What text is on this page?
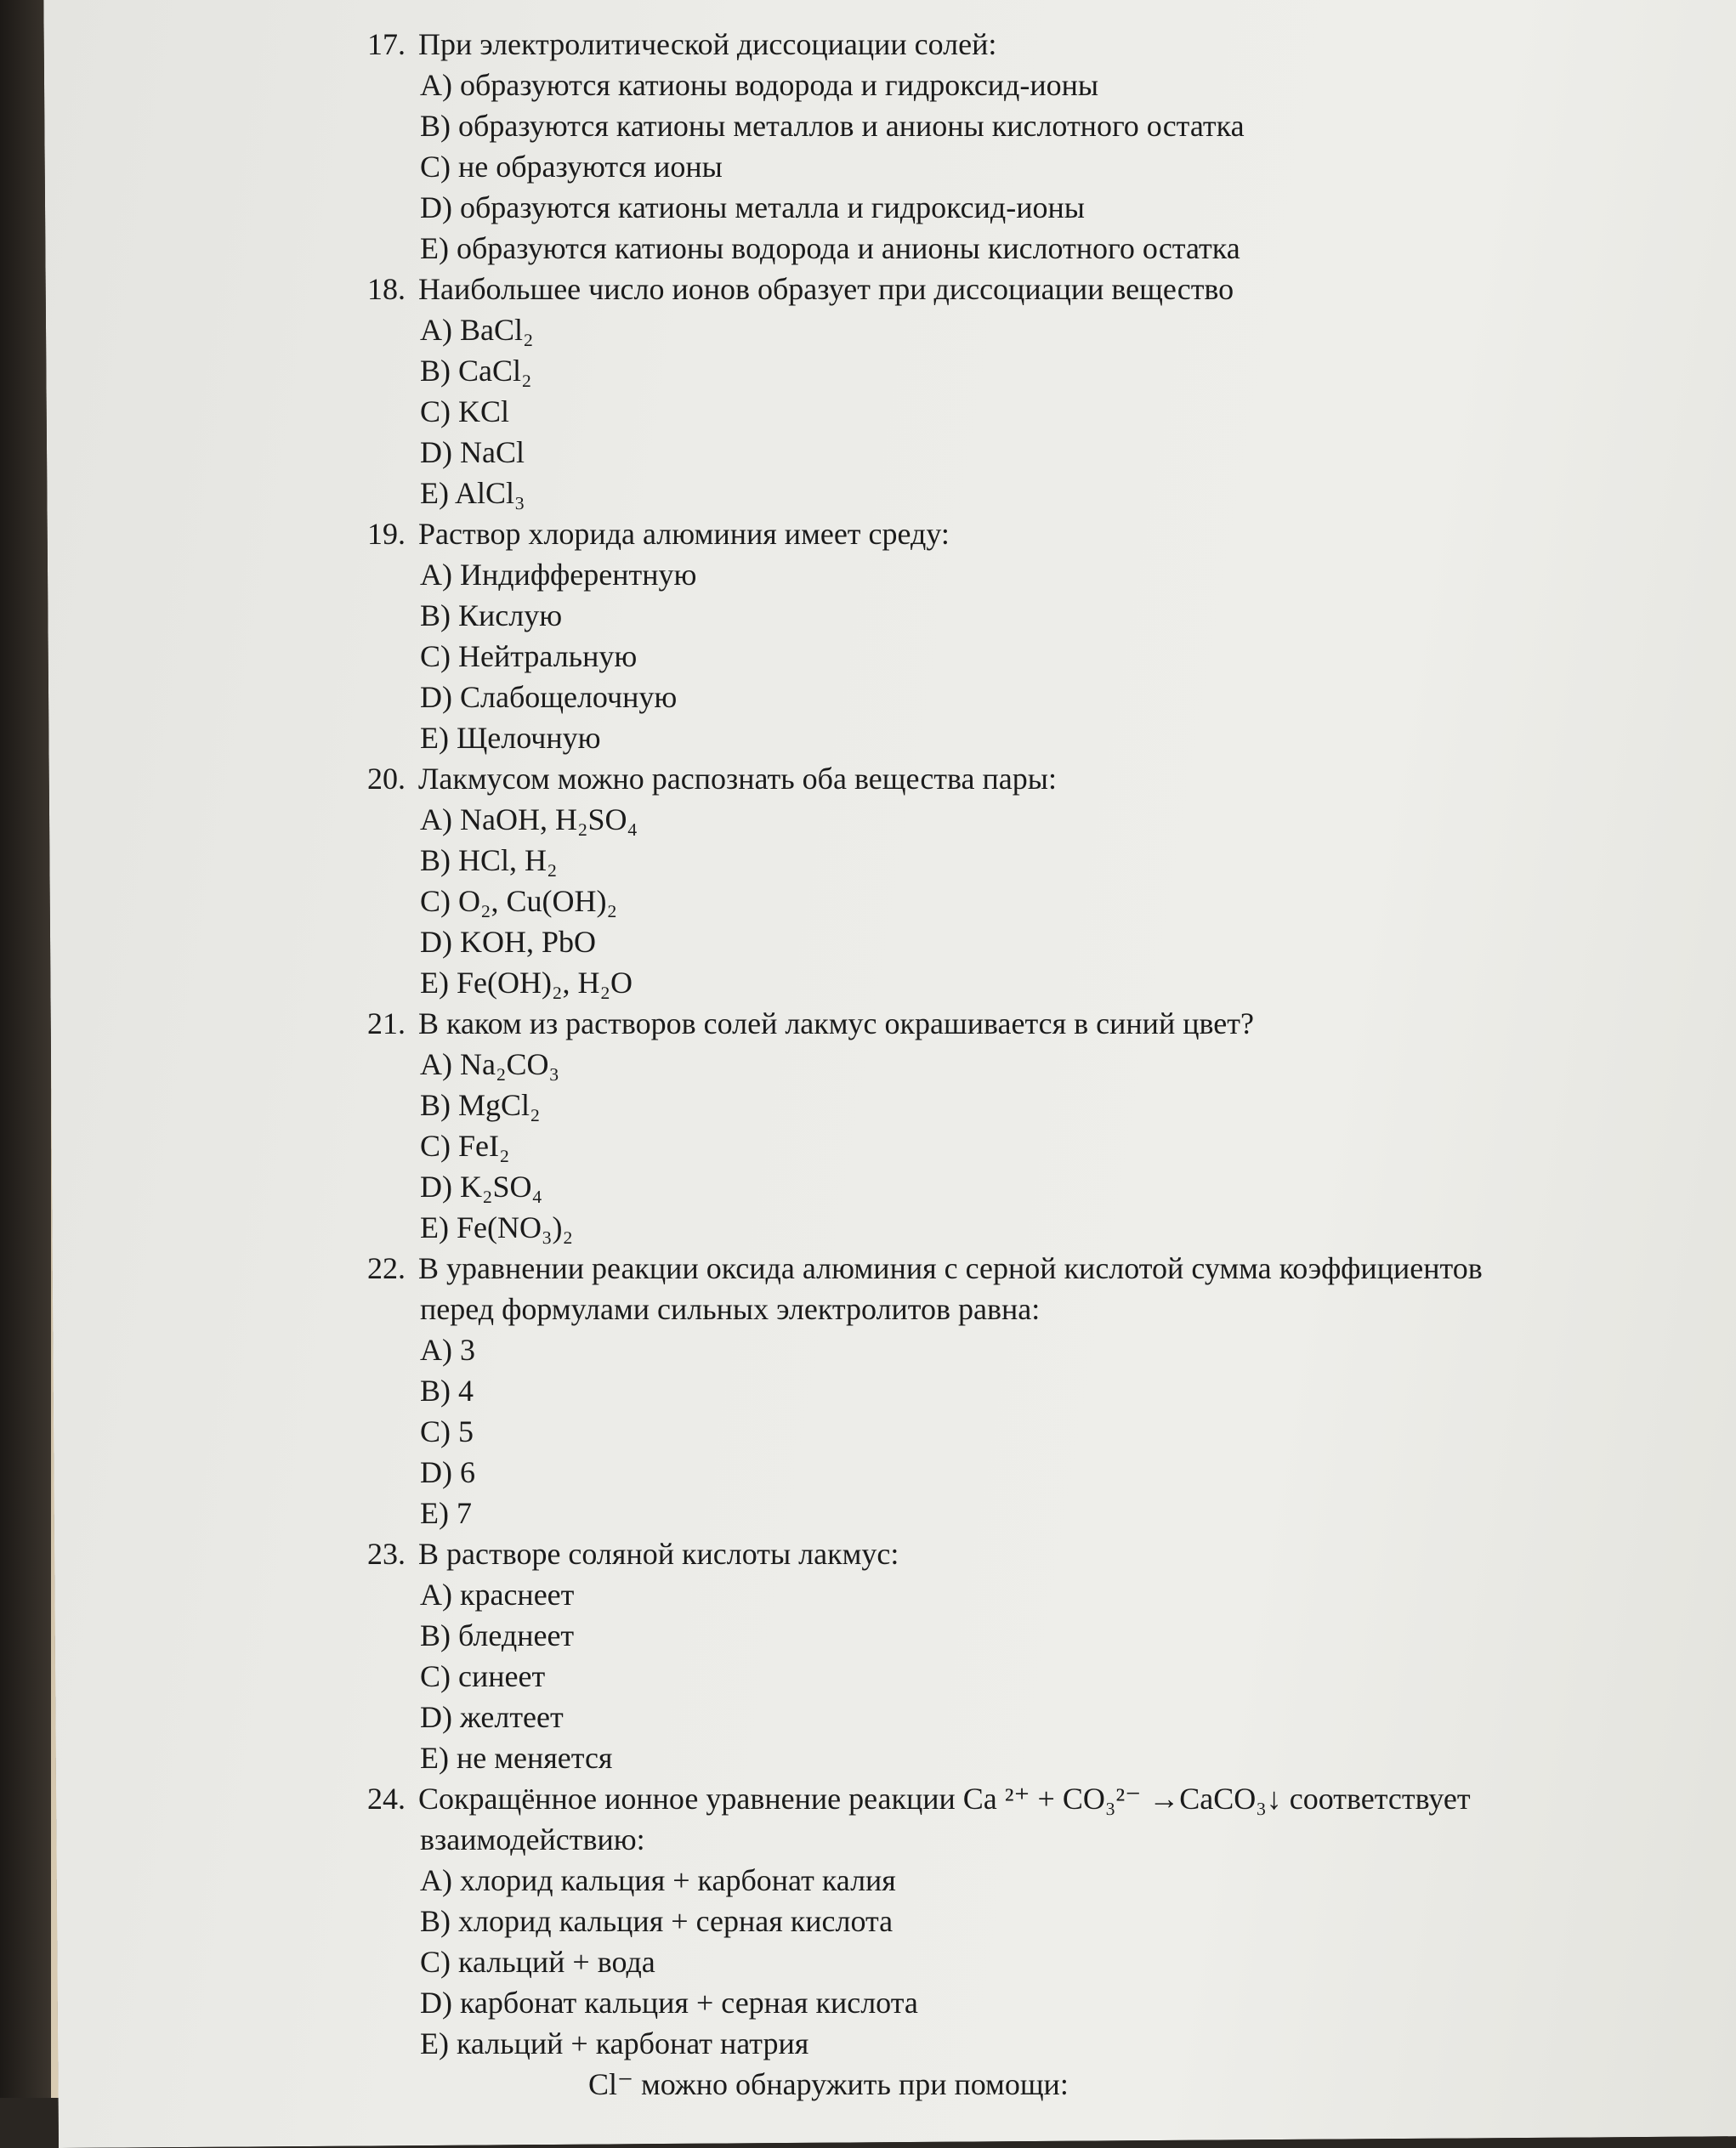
17. При электролитической диссоциации солей:

A) образуются катионы водорода и гидроксид-ионы

B) образуются катионы металлов и анионы кислотного остатка

C) не образуются ионы

D) образуются катионы металла и гидроксид-ионы

E) образуются катионы водорода и анионы кислотного остатка

18. Наибольшее число ионов образует при диссоциации вещество

A) BaCl₂

B) CaCl₂

C) KCl

D) NaCl

E) AlCl₃

19. Раствор хлорида алюминия имеет среду:

A) Индифферентную

B) Кислую

C) Нейтральную

D) Слабощелочную

E) Щелочную

20. Лакмусом можно распознать оба вещества пары:

A) NaOH, H₂SO₄

B) HCl, H₂

C) O₂, Cu(OH)₂

D) KOH, PbO

E) Fe(OH)₂, H₂O

21. В каком из растворов солей лакмус окрашивается в синий цвет?

A) Na₂CO₃

B) MgCl₂

C) FeI₂

D) K₂SO₄

E) Fe(NO₃)₂

22. В уравнении реакции оксида алюминия с серной кислотой сумма коэффициентов

перед формулами сильных электролитов равна:

A) 3

B) 4

C) 5

D) 6

E) 7

23. В растворе соляной кислоты лакмус:

A) краснеет

B) бледнеет

C) синеет

D) желтеет

E) не меняется

24. Сокращённое ионное уравнение реакции Ca ²⁺ + CO₃²⁻ →CaCO₃↓ соответствует

взаимодействию:

A) хлорид кальция + карбонат калия

B) хлорид кальция + серная кислота

C) кальций + вода

D) карбонат кальция + серная кислота

E) кальций + карбонат натрия

Cl⁻ можно обнаружить при помощи:
